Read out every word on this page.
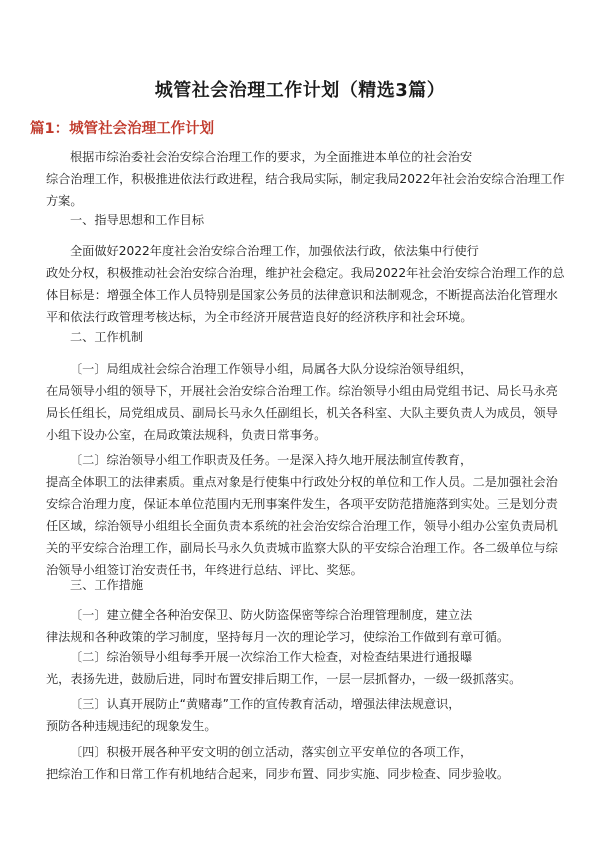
城管社会治理工作计划（精选3篇）
篇1：城管社会治理工作计划
根据市综治委社会治安综合治理工作的要求，为全面推进本单位的社会治安
综合治理工作，积极推进依法行政进程，结合我局实际，制定我局2022年社会治安综合治理工作
方案。
一、指导思想和工作目标
全面做好2022年度社会治安综合治理工作，加强依法行政，依法集中行使行
政处分权，积极推动社会治安综合治理，维护社会稳定。我局2022年社会治安综合治理工作的总
体目标是：增强全体工作人员特别是国家公务员的法律意识和法制观念，不断提高法治化管理水
平和依法行政管理考核达标，为全市经济开展营造良好的经济秩序和社会环境。
二、工作机制
〔一〕局组成社会综合治理工作领导小组，局属各大队分设综治领导组织，
在局领导小组的领导下，开展社会治安综合治理工作。综治领导小组由局党组书记、局长马永亮
局长任组长，局党组成员、副局长马永久任副组长，机关各科室、大队主要负责人为成员，领导
小组下设办公室，在局政策法规科，负责日常事务。
〔二〕综治领导小组工作职责及任务。一是深入持久地开展法制宣传教育，
提高全体职工的法律素质。重点对象是行使集中行政处分权的单位和工作人员。二是加强社会治
安综合治理力度，保证本单位范围内无刑事案件发生，各项平安防范措施落到实处。三是划分责
任区域，综治领导小组组长全面负责本系统的社会治安综合治理工作，领导小组办公室负责局机
关的平安综合治理工作，副局长马永久负责城市监察大队的平安综合治理工作。各二级单位与综
治领导小组签订治安责任书，年终进行总结、评比、奖惩。
三、工作措施
〔一〕建立健全各种治安保卫、防火防盗保密等综合治理管理制度，建立法
律法规和各种政策的学习制度，坚持每月一次的理论学习，使综治工作做到有章可循。
〔二〕综治领导小组每季开展一次综治工作大检查，对检查结果进行通报曝
光，表扬先进，鼓励后进，同时布置安排后期工作，一层一层抓督办，一级一级抓落实。
〔三〕认真开展防止“黄赌毒”工作的宣传教育活动，增强法律法规意识，
预防各种违规违纪的现象发生。
〔四〕积极开展各种平安文明的创立活动，落实创立平安单位的各项工作，
把综治工作和日常工作有机地结合起来，同步布置、同步实施、同步检查、同步验收。
